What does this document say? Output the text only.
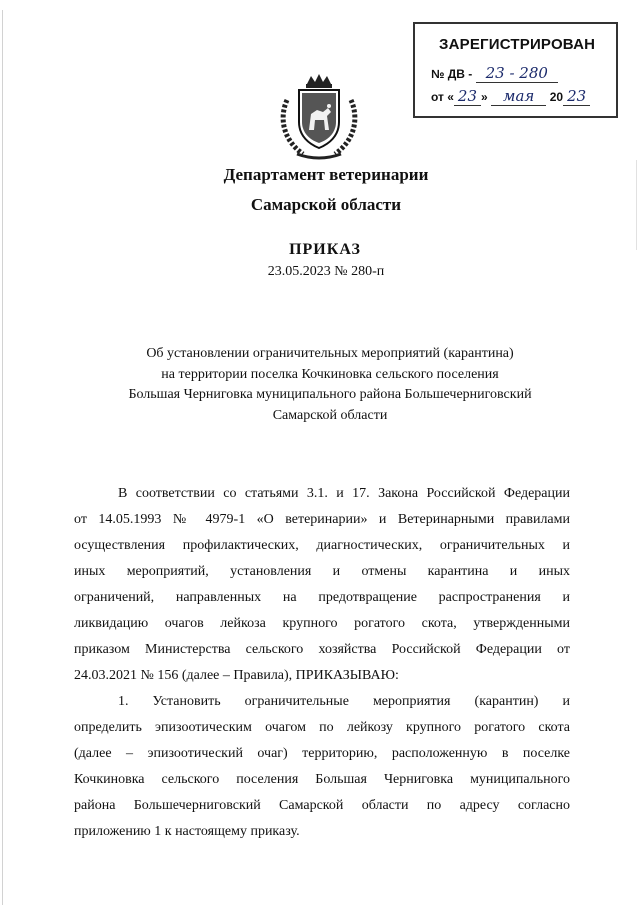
ЗАРЕГИСТРИРОВАН
№ ДВ - 23 - 280
от « 23 » мая 20 23
Департамент ветеринарии
Самарской области
ПРИКАЗ
23.05.2023 № 280-п
Об установлении ограничительных мероприятий (карантина)
на территории поселка Кочкиновка сельского поселения
Большая Черниговка муниципального района Большечерниговский
Самарской области
В соответствии со статьями 3.1. и 17. Закона Российской Федерации
от 14.05.1993 № 4979-1 «О ветеринарии» и Ветеринарными правилами
осуществления профилактических, диагностических, ограничительных и
иных мероприятий, установления и отмены карантина и иных
ограничений, направленных на предотвращение распространения и
ликвидацию очагов лейкоза крупного рогатого скота, утвержденными
приказом Министерства сельского хозяйства Российской Федерации от
24.03.2021 № 156 (далее – Правила), ПРИКАЗЫВАЮ:
1. Установить ограничительные мероприятия (карантин) и
определить эпизоотическим очагом по лейкозу крупного рогатого скота
(далее – эпизоотический очаг) территорию, расположенную в поселке
Кочкиновка сельского поселения Большая Черниговка муниципального
района Большечерниговский Самарской области по адресу согласно
приложению 1 к настоящему приказу.
